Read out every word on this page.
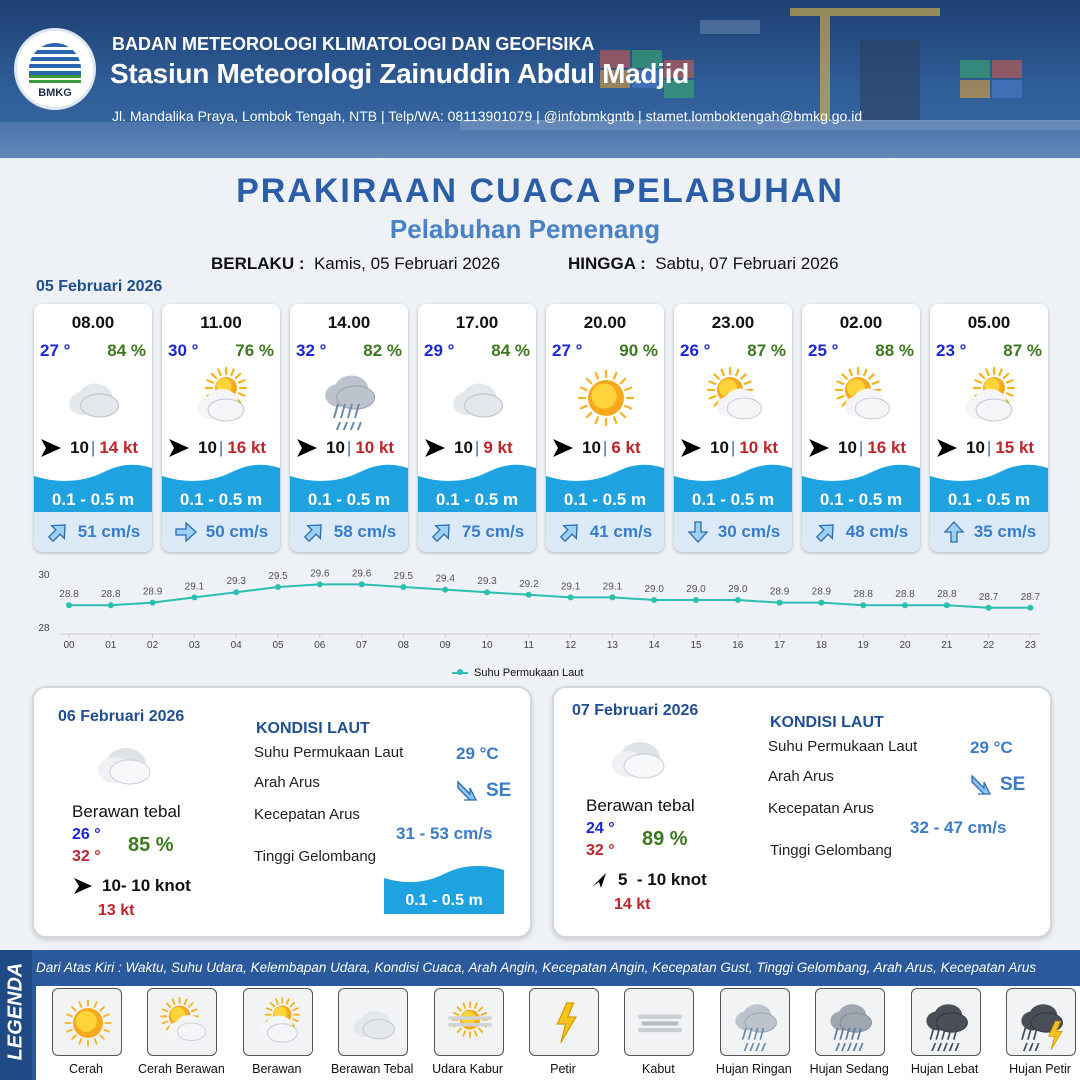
BMKG
BADAN METEOROLOGI KLIMATOLOGI DAN GEOFISIKA
Stasiun Meteorologi Zainuddin Abdul Madjid
Jl. Mandalika Praya, Lombok Tengah, NTB | Telp/WA: 08113901079 | @infobmkgntb | stamet.lomboktengah@bmkg.go.id
PRAKIRAAN CUACA PELABUHAN
Pelabuhan Pemenang
BERLAKU : Kamis, 05 Februari 2026	HINGGA : Sabtu, 07 Februari 2026
05 Februari 2026
08.00
27 ° 84 %
10 | 14 kt
0.1 - 0.5 m
51 cm/s
11.00
30 ° 76 %
10 | 16 kt
0.1 - 0.5 m
50 cm/s
14.00
32 ° 82 %
10 | 10 kt
0.1 - 0.5 m
58 cm/s
17.00
29 ° 84 %
10 | 9 kt
0.1 - 0.5 m
75 cm/s
20.00
27 ° 90 %
10 | 6 kt
0.1 - 0.5 m
41 cm/s
23.00
26 ° 87 %
10 | 10 kt
0.1 - 0.5 m
30 cm/s
02.00
25 ° 88 %
10 | 16 kt
0.1 - 0.5 m
48 cm/s
05.00
23 ° 87 %
10 | 15 kt
0.1 - 0.5 m
35 cm/s
30
28
28.8
00
28.8
01
28.9
02
29.1
03
29.3
04
29.5
05
29.6
06
29.6
07
29.5
08
29.4
09
29.3
10
29.2
11
29.1
12
29.1
13
29.0
14
29.0
15
29.0
16
28.9
17
28.9
18
28.8
19
28.8
20
28.8
21
28.7
22
28.7
23
Suhu Permukaan Laut
06 Februari 2026
Berawan tebal
26 °
32 °
85 %
10- 10 knot
13 kt
KONDISI LAUT
Suhu Permukaan Laut	29 °C
Arah Arus	SE
Kecepatan Arus
31 - 53 cm/s
Tinggi Gelombang
0.1 - 0.5 m
07 Februari 2026
Berawan tebal
24 °
32 °
89 %
5  - 10 knot
14 kt
KONDISI LAUT
Suhu Permukaan Laut	29 °C
Arah Arus	SE
Kecepatan Arus
32 - 47 cm/s
Tinggi Gelombang
LEGENDA Dari Atas Kiri : Waktu, Suhu Udara, Kelembapan Udara, Kondisi Cuaca, Arah Angin, Kecepatan Angin, Kecepatan Gust, Tinggi Gelombang, Arah Arus, Kecepatan Arus
Cerah	Cerah Berawan	Berawan	Berawan Tebal	Udara Kabur	Petir	Kabut	Hujan Ringan	Hujan Sedang	Hujan Lebat	Hujan Petir
